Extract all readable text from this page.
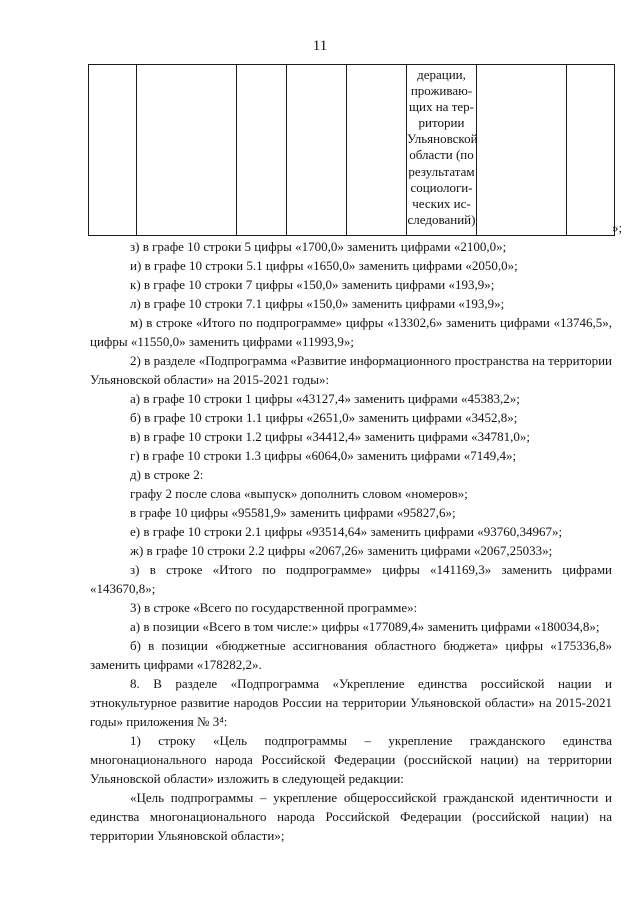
11

дерации,
проживаю-
щих на тер-
ритории
Ульяновской
области (по
результатам
социологи-
ческих ис-
следований)

»;

з) в графе 10 строки 5 цифры «1700,0» заменить цифрами «2100,0»;

и) в графе 10 строки 5.1 цифры «1650,0» заменить цифрами «2050,0»;

к) в графе 10 строки 7 цифры «150,0» заменить цифрами «193,9»;

л) в графе 10 строки 7.1 цифры «150,0» заменить цифрами «193,9»;

м) в строке «Итого по подпрограмме» цифры «13302,6» заменить цифрами «13746,5», цифры «11550,0» заменить цифрами «11993,9»;

2) в разделе «Подпрограмма «Развитие информационного пространства на территории Ульяновской области» на 2015-2021 годы»:

а) в графе 10 строки 1 цифры «43127,4» заменить цифрами «45383,2»;

б) в графе 10 строки 1.1 цифры «2651,0» заменить цифрами «3452,8»;

в) в графе 10 строки 1.2 цифры «34412,4» заменить цифрами «34781,0»;

г) в графе 10 строки 1.3 цифры «6064,0» заменить цифрами «7149,4»;

д) в строке 2:

графу 2 после слова «выпуск» дополнить словом «номеров»;

в графе 10 цифры «95581,9» заменить цифрами «95827,6»;

е) в графе 10 строки 2.1 цифры «93514,64» заменить цифрами «93760,34967»;

ж) в графе 10 строки 2.2 цифры «2067,26» заменить цифрами «2067,25033»;

з) в строке «Итого по подпрограмме» цифры «141169,3» заменить цифрами «143670,8»;

3) в строке «Всего по государственной программе»:

а) в позиции «Всего в том числе:» цифры «177089,4» заменить цифрами «180034,8»;

б) в позиции «бюджетные ассигнования областного бюджета» цифры «175336,8» заменить цифрами «178282,2».

8. В разделе «Подпрограмма «Укрепление единства российской нации и этнокультурное развитие народов России на территории Ульяновской области» на 2015-2021 годы» приложения № 3⁴:

1) строку «Цель подпрограммы – укрепление гражданского единства многонационального народа Российской Федерации (российской нации) на территории Ульяновской области» изложить в следующей редакции:

«Цель подпрограммы – укрепление общероссийской гражданской идентичности и единства многонационального народа Российской Федерации (российской нации) на территории Ульяновской области»;
